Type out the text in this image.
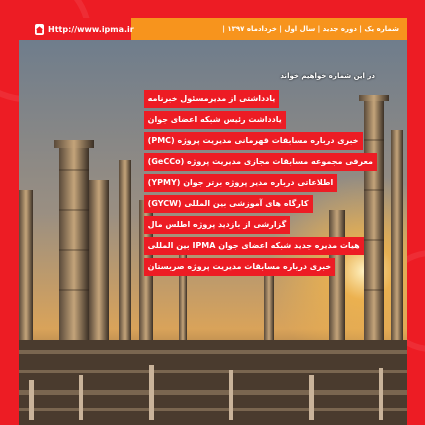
Http://www.ipma.ir	شماره یک | دوره جدید | سال اول | خردادماه ۱۳۹۷ |
در این شماره خواهیم خواند
یادداشتی از مدیرمسئول خبرنامه
یادداشت رئیس شبکه اعضای جوان
خبری درباره مسابقات قهرمانی مدیریت پروژه (PMC)
معرفی مجموعه مسابقات مجازی مدیریت پروژه (GeCCo)
اطلاعاتی درباره مدیر پروژه برتر جوان (YPMY)
کارگاه های آموزشی بین المللی (GYCW)
گزارشی از بازدید پروژه اطلس مال
هیات مدیره جدید شبکه اعضای جوان IPMA بین المللی
خبری درباره مسابقات مدیریت پروژه صربستان
